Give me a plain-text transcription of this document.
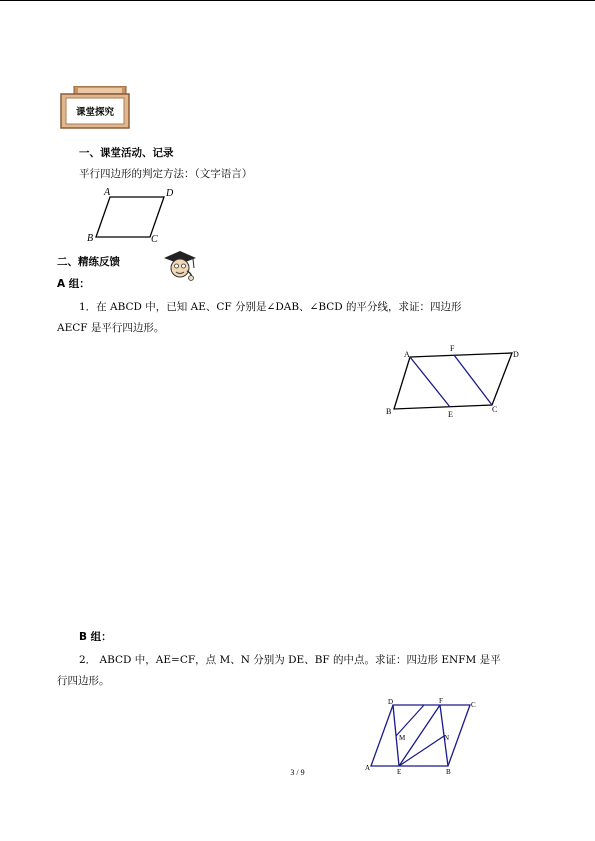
课堂探究
一、课堂活动、记录
平行四边形的判定方法：（文字语言）
A	D
B	C
二、精练反馈
A 组：
1．在 ABCD 中，已知 AE、CF 分别是∠DAB、∠BCD 的平分线，求证：四边形
AECF 是平行四边形。
A
F
D
B	E
C
B 组：
2． ABCD 中，AE=CF，点 M、N 分别为 DE、BF 的中点。求证：四边形 ENFM 是平
行四边形。
D	F	C
M	N
A	E	B
3 / 9
